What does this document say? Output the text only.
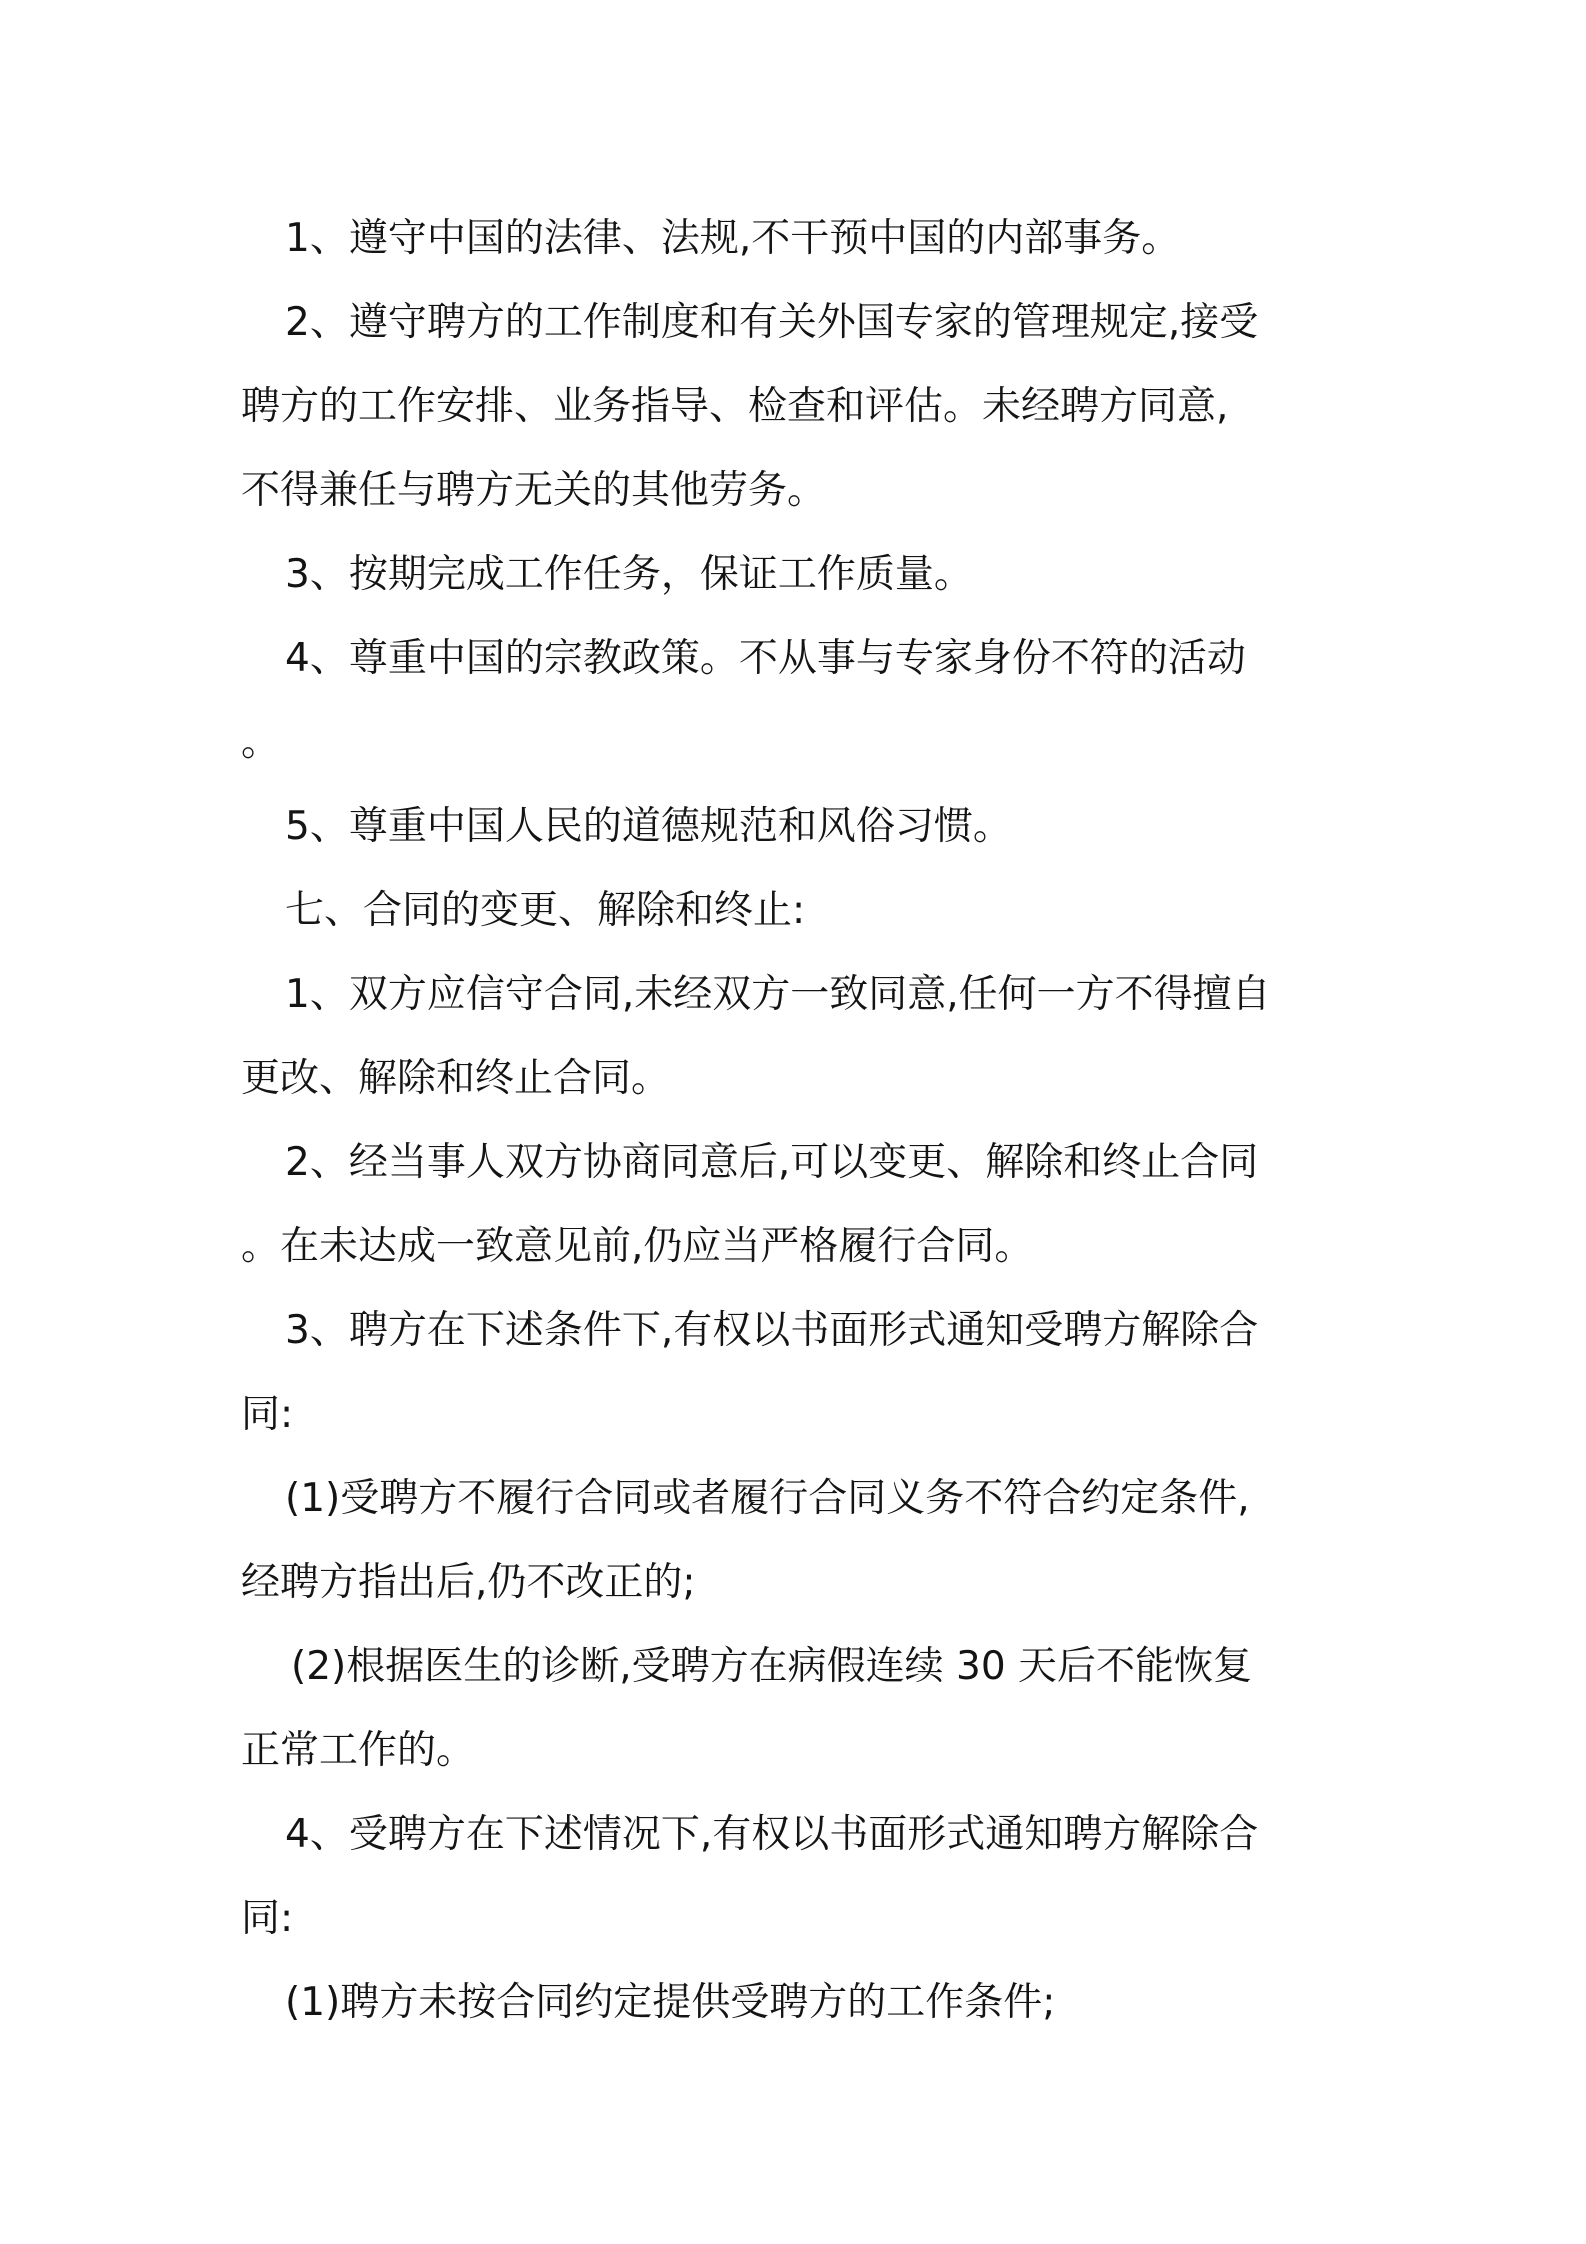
1、遵守中国的法律、法规,不干预中国的内部事务。
2、遵守聘方的工作制度和有关外国专家的管理规定,接受
聘方的工作安排、业务指导、检查和评估。未经聘方同意,
不得兼任与聘方无关的其他劳务。
3、按期完成工作任务，保证工作质量。
4、尊重中国的宗教政策。不从事与专家身份不符的活动
。
5、尊重中国人民的道德规范和风俗习惯。
七、合同的变更、解除和终止:
1、双方应信守合同,未经双方一致同意,任何一方不得擅自
更改、解除和终止合同。
2、经当事人双方协商同意后,可以变更、解除和终止合同
。在未达成一致意见前,仍应当严格履行合同。
3、聘方在下述条件下,有权以书面形式通知受聘方解除合
同:
(1)受聘方不履行合同或者履行合同义务不符合约定条件,
经聘方指出后,仍不改正的;
(2)根据医生的诊断,受聘方在病假连续 30 天后不能恢复
正常工作的。
4、受聘方在下述情况下,有权以书面形式通知聘方解除合
同:
(1)聘方未按合同约定提供受聘方的工作条件;
